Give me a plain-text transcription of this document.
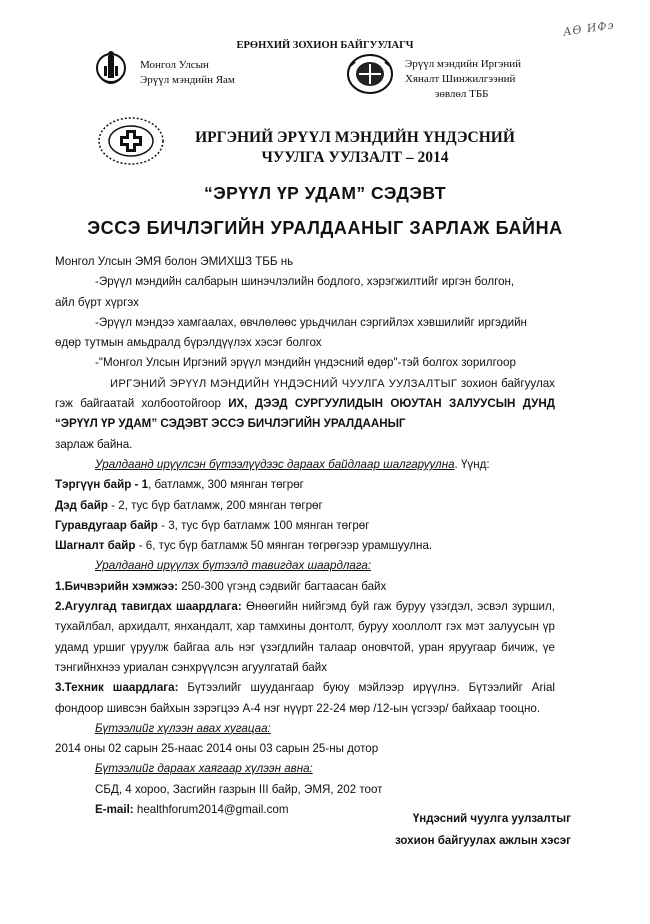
АӨ ИФэ
ЕРӨНХИЙ ЗОХИОН БАЙГУУЛАГЧ
Монгол Улсын
Эрүүл мэндийн Яам
Эрүүл мэндийн Иргэний
Хяналт Шинжилгээний
зөвлөл ТББ
ИРГЭНИЙ ЭРҮҮЛ МЭНДИЙН ҮНДЭСНИЙ
ЧУУЛГА УУЛЗАЛТ – 2014
“ЭРҮҮЛ ҮР УДАМ” СЭДЭВТ
ЭССЭ БИЧЛЭГИЙН УРАЛДААНЫГ ЗАРЛАЖ БАЙНА

Монгол Улсын ЭМЯ болон ЭМИХШЗ ТББ нь

-Эрүүл мэндийн салбарын шинэчлэлийн бодлого, хэрэгжилтийг иргэн болгон,

айл бүрт хүргэх

-Эрүүл мэндээ хамгаалах, өвчлөлөөс урьдчилан сэргийлэх хэвшилийг иргэдийн

өдөр тутмын амьдралд бүрэлдүүлэх хэсэг болгох

-"Монгол Улсын Иргэний эрүүл мэндийн үндэсний өдөр"-тэй болгох зорилгоор

ИРГЭНИЙ ЭРҮҮЛ МЭНДИЙН ҮНДЭСНИЙ ЧУУЛГА УУЛЗАЛТЫГ зохион байгуулах гэж байгаатай холбоотойгоор ИХ, ДЭЭД СУРГУУЛИДЫН ОЮУТАН ЗАЛУУСЫН ДУНД “ЭРҮҮЛ ҮР УДАМ” СЭДЭВТ ЭССЭ БИЧЛЭГИЙН УРАЛДААНЫГ

зарлаж байна.

Уралдаанд ирүүлсэн бүтээлүүдээс дараах байдлаар шалгаруулна. Үүнд:

Тэргүүн байр - 1, батламж, 300 мянган төгрөг

Дэд байр - 2, тус бүр батламж, 200 мянган төгрөг

Гуравдугаар байр - 3, тус бүр батламж 100 мянган төгрөг

Шагналт байр - 6, тус бүр батламж 50 мянган төгрөгээр урамшуулна.

Уралдаанд ирүүлэх бүтээлд тавигдах шаардлага:

1.Бичвэрийн хэмжээ: 250-300 үгэнд сэдвийг багтаасан байх

2.Агуулгад тавигдах шаардлага: Өнөөгийн нийгэмд буй гаж буруу үзэгдэл, эсвэл зуршил, тухайлбал, архидалт, янхандалт, хар тамхины донтолт, буруу хооллолт гэх мэт залуусын үр удамд уршиг үруулж байгаа аль нэг үзэгдлийн талаар оновчтой, уран яруугаар бичиж, үе тэнгийнхнээ уриалан сэнхрүүлсэн агуулгатай байх

3.Техник шаардлага: Бүтээлийг шуудангаар буюу мэйлээр ирүүлнэ. Бүтээлийг Arial фондоор шивсэн байхын зэрэгцээ А-4 нэг нүүрт 22-24 мөр /12-ын үсгээр/ байхаар тооцно.

Бүтээлийг хүлээн авах хугацаа:

2014 оны 02 сарын 25-наас 2014 оны 03 сарын 25-ны дотор

Бүтээлийг дараах хаягаар хүлээн авна:

СБД, 4 хороо, Засгийн газрын III байр, ЭМЯ, 202 тоот

E-mail: healthforum2014@gmail.com

Үндэсний чуулга уулзалтыг
зохион байгуулах ажлын хэсэг
